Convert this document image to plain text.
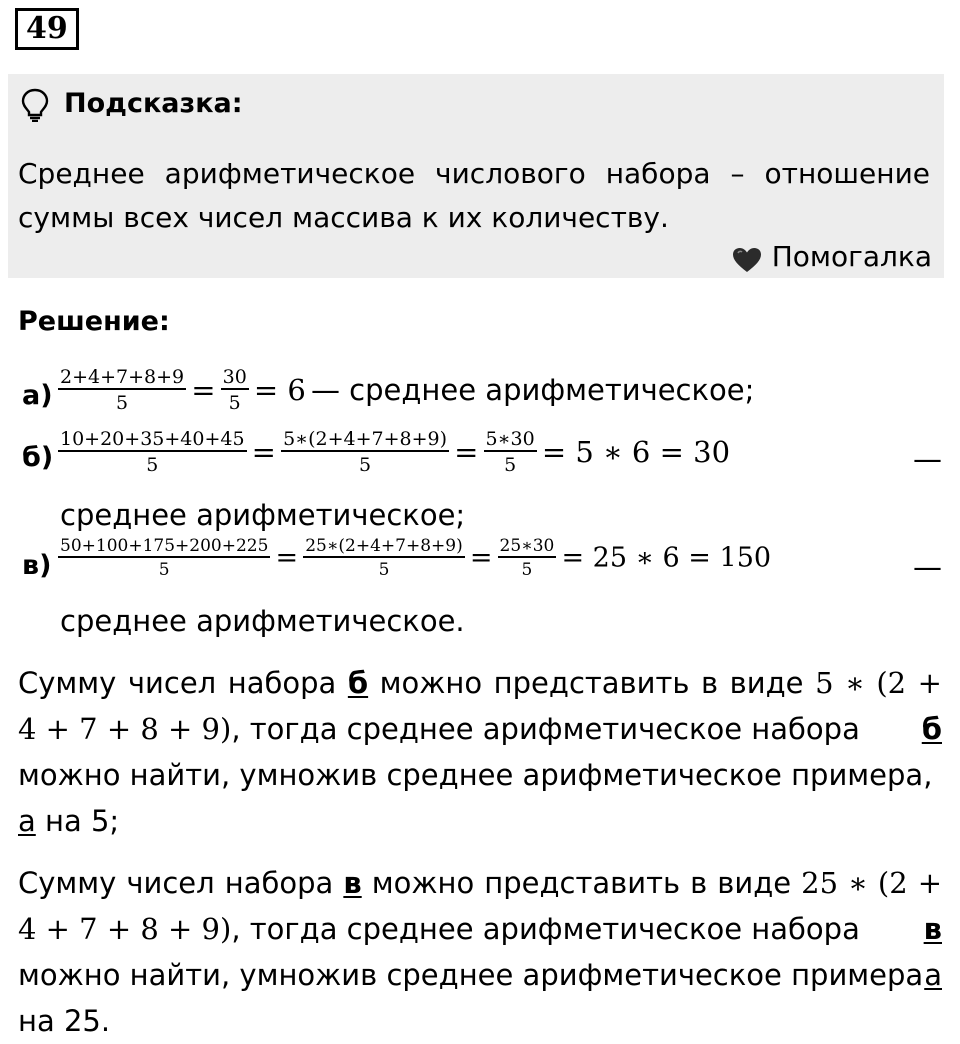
49
Подсказка:
Среднее арифметическое числового набора – отношение
суммы всех чисел массива к их количеству.
Помогалка
Решение:
$а) \frac{2+4+7+8+9}{5} = \frac{30}{5} = 6$ — среднее арифметическое;
$б) \frac{10+20+35+40+45}{5} = \frac{5∗(2+4+7+8+9)}{5} = \frac{5∗30}{5} = 5$ ∗ 6 = 30	—
среднее арифметическое;
$в) \frac{50+100+175+200+225}{5} = \frac{25∗(2+4+7+8+9)}{5} = \frac{25∗30}{5} = 25$ ∗ 6 = 150	—
среднее арифметическое.
Сумму чисел набора б можно представить в виде 5 ∗ (2 +
4 + 7 + 8 + 9), тогда среднее арифметическое набора б
можно найти, умножив среднее арифметическое примера,
а на 5;
Сумму чисел набора в можно представить в виде 25 ∗ (2 +
4 + 7 + 8 + 9), тогда среднее арифметическое набора в
можно найти, умножив среднее арифметическое примера а
на 25.
